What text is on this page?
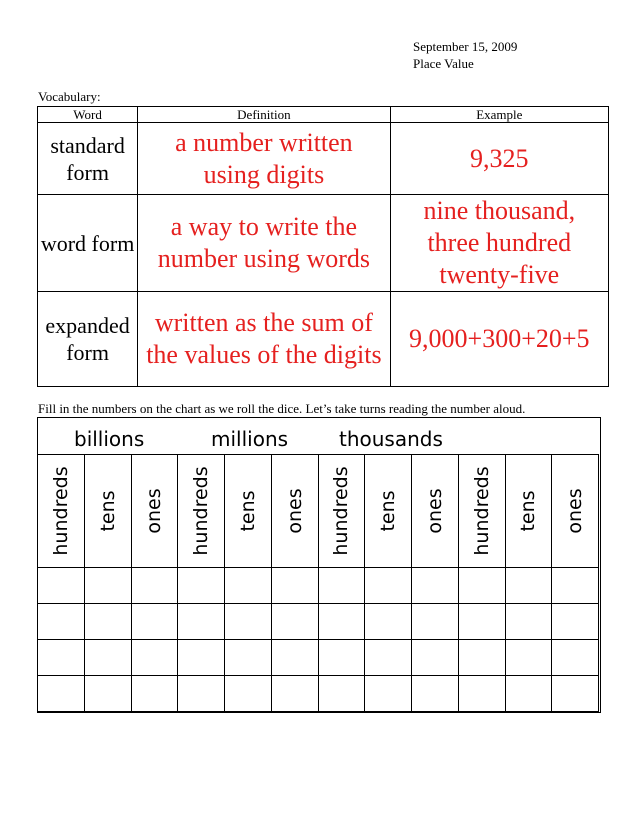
September 15, 2009
Place Value
Vocabulary:
Word	Definition	Example

standard form	a number written using digits	9,325
word form	a way to write the number using words	nine thousand, three hundred twenty-five

expanded form	written as the sum of the values of the digits	9,000+300+20+5
Fill in the numbers on the chart as we roll the dice. Let’s take turns reading the number aloud.
billions	millions	thousands
hundreds	tens	ones	hundreds	tens	ones	hundreds	tens	ones	hundreds	tens	ones
